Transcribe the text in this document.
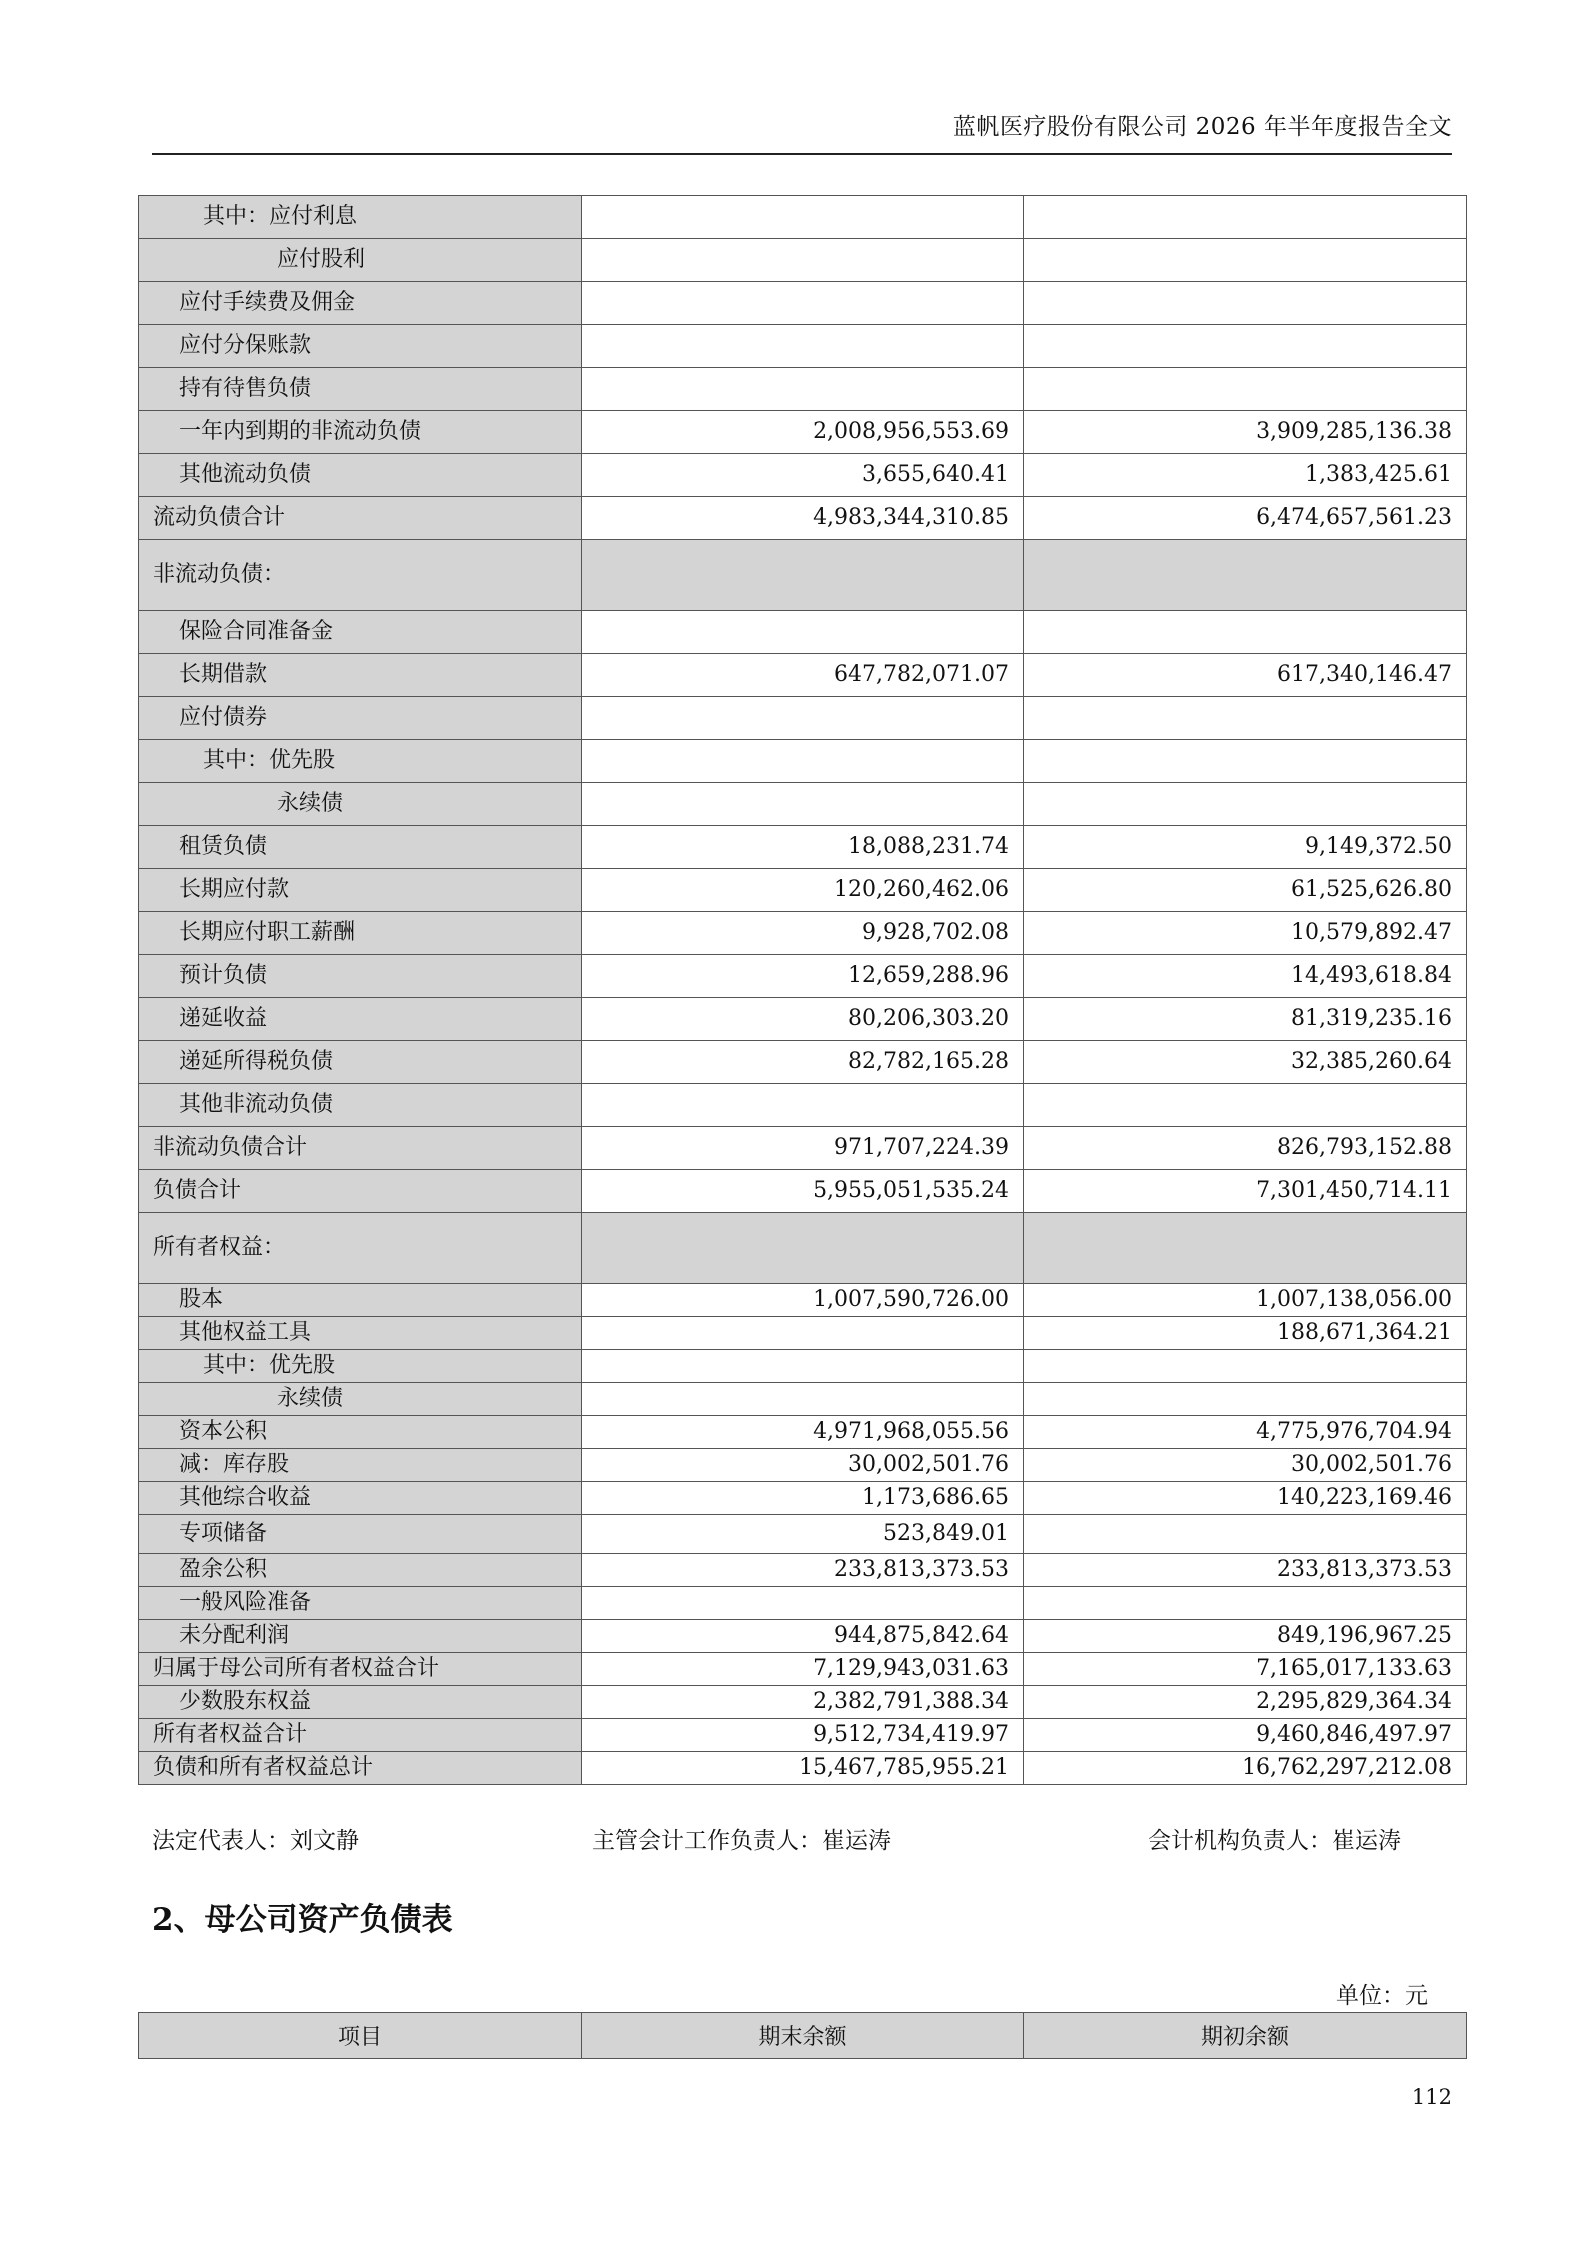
蓝帆医疗股份有限公司 2026 年半年度报告全文
其中：应付利息		
应付股利		
应付手续费及佣金		
应付分保账款		
持有待售负债		
一年内到期的非流动负债	2,008,956,553.69	3,909,285,136.38
其他流动负债	3,655,640.41	1,383,425.61
流动负债合计	4,983,344,310.85	6,474,657,561.23
非流动负债：		
保险合同准备金		
长期借款	647,782,071.07	617,340,146.47
应付债券		
其中：优先股		
永续债		
租赁负债	18,088,231.74	9,149,372.50
长期应付款	120,260,462.06	61,525,626.80
长期应付职工薪酬	9,928,702.08	10,579,892.47
预计负债	12,659,288.96	14,493,618.84
递延收益	80,206,303.20	81,319,235.16
递延所得税负债	82,782,165.28	32,385,260.64
其他非流动负债		
非流动负债合计	971,707,224.39	826,793,152.88
负债合计	5,955,051,535.24	7,301,450,714.11
所有者权益：		
股本	1,007,590,726.00	1,007,138,056.00
其他权益工具		188,671,364.21
其中：优先股		
永续债		
资本公积	4,971,968,055.56	4,775,976,704.94
减：库存股	30,002,501.76	30,002,501.76
其他综合收益	1,173,686.65	140,223,169.46
专项储备	523,849.01	
盈余公积	233,813,373.53	233,813,373.53
一般风险准备		
未分配利润	944,875,842.64	849,196,967.25
归属于母公司所有者权益合计	7,129,943,031.63	7,165,017,133.63
少数股东权益	2,382,791,388.34	2,295,829,364.34
所有者权益合计	9,512,734,419.97	9,460,846,497.97
负债和所有者权益总计	15,467,785,955.21	16,762,297,212.08
法定代表人：刘文静	主管会计工作负责人：崔运涛	会计机构负责人：崔运涛
2、母公司资产负债表
单位：元
项目	期末余额	期初余额
112
